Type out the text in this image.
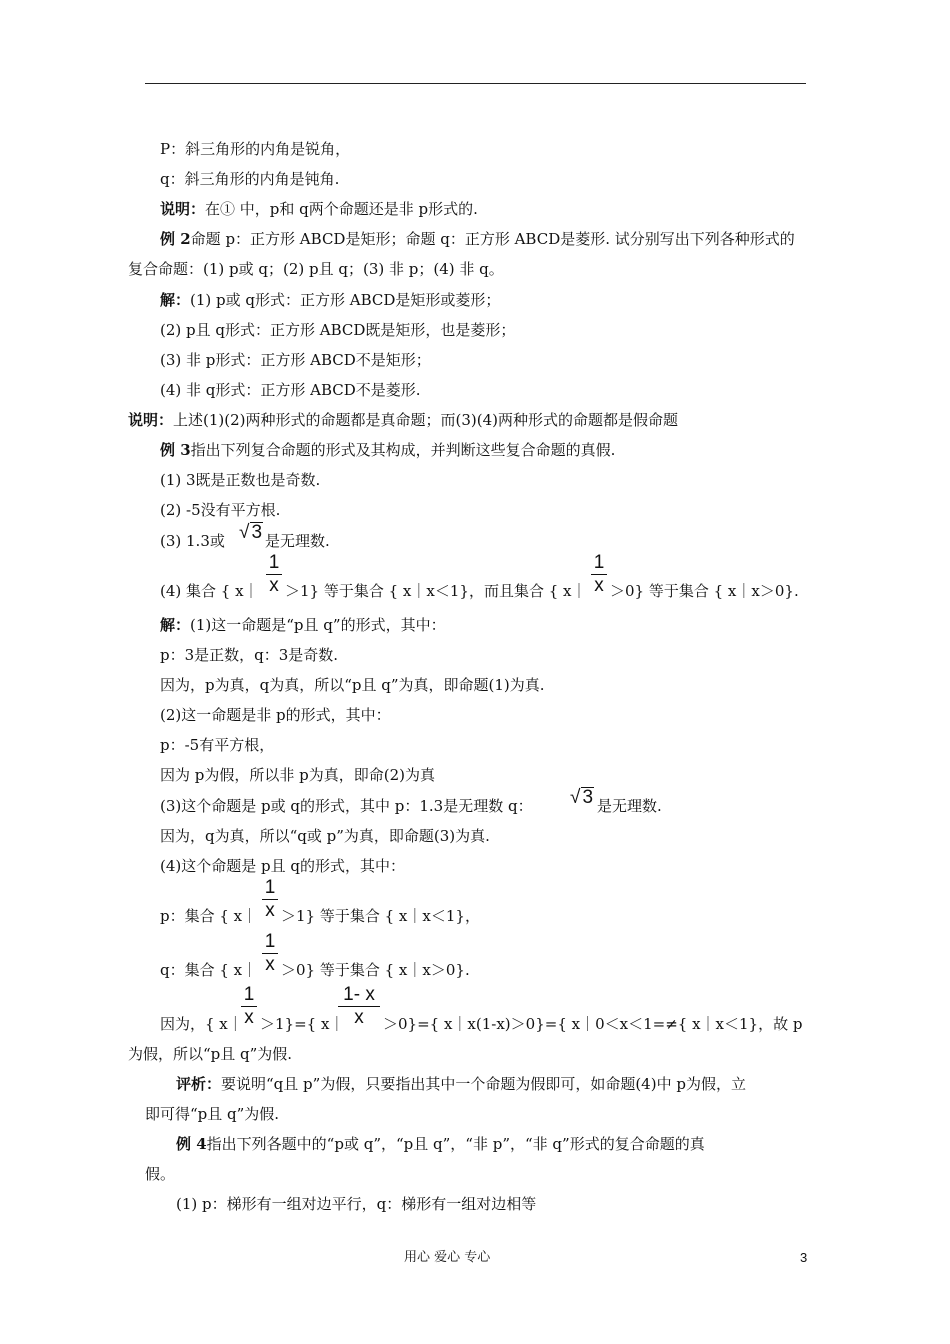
P：斜三角形的内角是锐角，
q：斜三角形的内角是钝角.
说明：在① 中，p和 q两个命题还是非 p形式的.
例 2命题 p：正方形 ABCD是矩形；命题 q：正方形 ABCD是菱形. 试分别写出下列各种形式的
复合命题：(1) p或 q；(2) p且 q；(3) 非 p；(4) 非 q。
解：(1) p或 q形式：正方形 ABCD是矩形或菱形；
(2) p且 q形式：正方形 ABCD既是矩形，也是菱形；
(3) 非 p形式：正方形 ABCD不是矩形；
(4) 非 q形式：正方形 ABCD不是菱形.
说明：上述(1)(2)两种形式的命题都是真命题；而(3)(4)两种形式的命题都是假命题
例 3指出下列复合命题的形式及其构成，并判断这些复合命题的真假.
(1) 3既是正数也是奇数.
(2) -5没有平方根.
(3) 1.3或 √ 3 是无理数.
(4) 集合 { x｜
1
x ＞1} 等于集合 { x｜x＜1}，而且集合 { x｜
1
x ＞0} 等于集合 { x｜x＞0}.
解：(1)这一命题是“p且 q”的形式，其中：
p：3是正数，q：3是奇数.
因为，p为真，q为真，所以“p且 q”为真，即命题(1)为真.
(2)这一命题是非 p的形式，其中：
p：-5有平方根，
因为 p为假，所以非 p为真，即命(2)为真
(3)这个命题是 p或 q的形式，其中 p：1.3是无理数 q： √ 3 是无理数.
因为，q为真，所以“q或 p”为真，即命题(3)为真.
(4)这个命题是 p且 q的形式，其中：
p：集合 { x｜
1
x ＞1} 等于集合 { x｜x＜1}，
q：集合 { x｜
1
x ＞0} 等于集合 { x｜x＞0}.
因为，{ x｜
1
x ＞1}={ x｜
1- x
x	＞0}={ x｜x(1-x)＞0}={ x｜0＜x＜1=≠{ x｜x＜1}，故 p
为假，所以“p且 q”为假.
评析：要说明“q且 p”为假，只要指出其中一个命题为假即可，如命题(4)中 p为假，立
即可得“p且 q”为假.
例 4指出下列各题中的“p或 q”，“p且 q”，“非 p”，“非 q”形式的复合命题的真
假。
(1) p：梯形有一组对边平行，q：梯形有一组对边相等
用心 爱心 专心	3
